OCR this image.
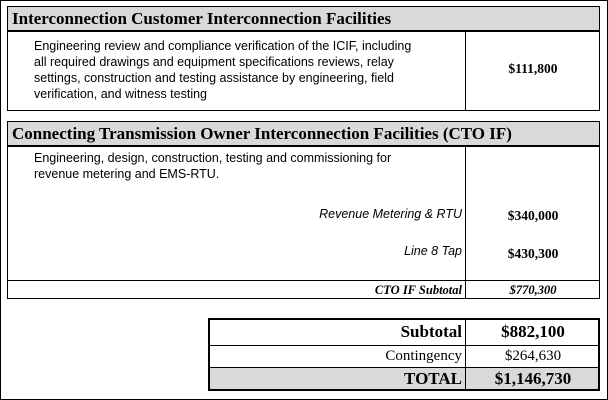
Interconnection Customer Interconnection Facilities
Engineering review and compliance verification of the ICIF, including
all required drawings and equipment specifications reviews, relay
settings, construction and testing assistance by engineering, field
verification, and witness testing
$111,800
Connecting Transmission Owner Interconnection Facilities (CTO IF)
Engineering, design, construction, testing and commissioning for
revenue metering and EMS-RTU.
Revenue Metering & RTU	$340,000
Line 8 Tap	$430,300
CTO IF Subtotal	$770,300
Subtotal	$882,100
Contingency	$264,630
TOTAL	$1,146,730
